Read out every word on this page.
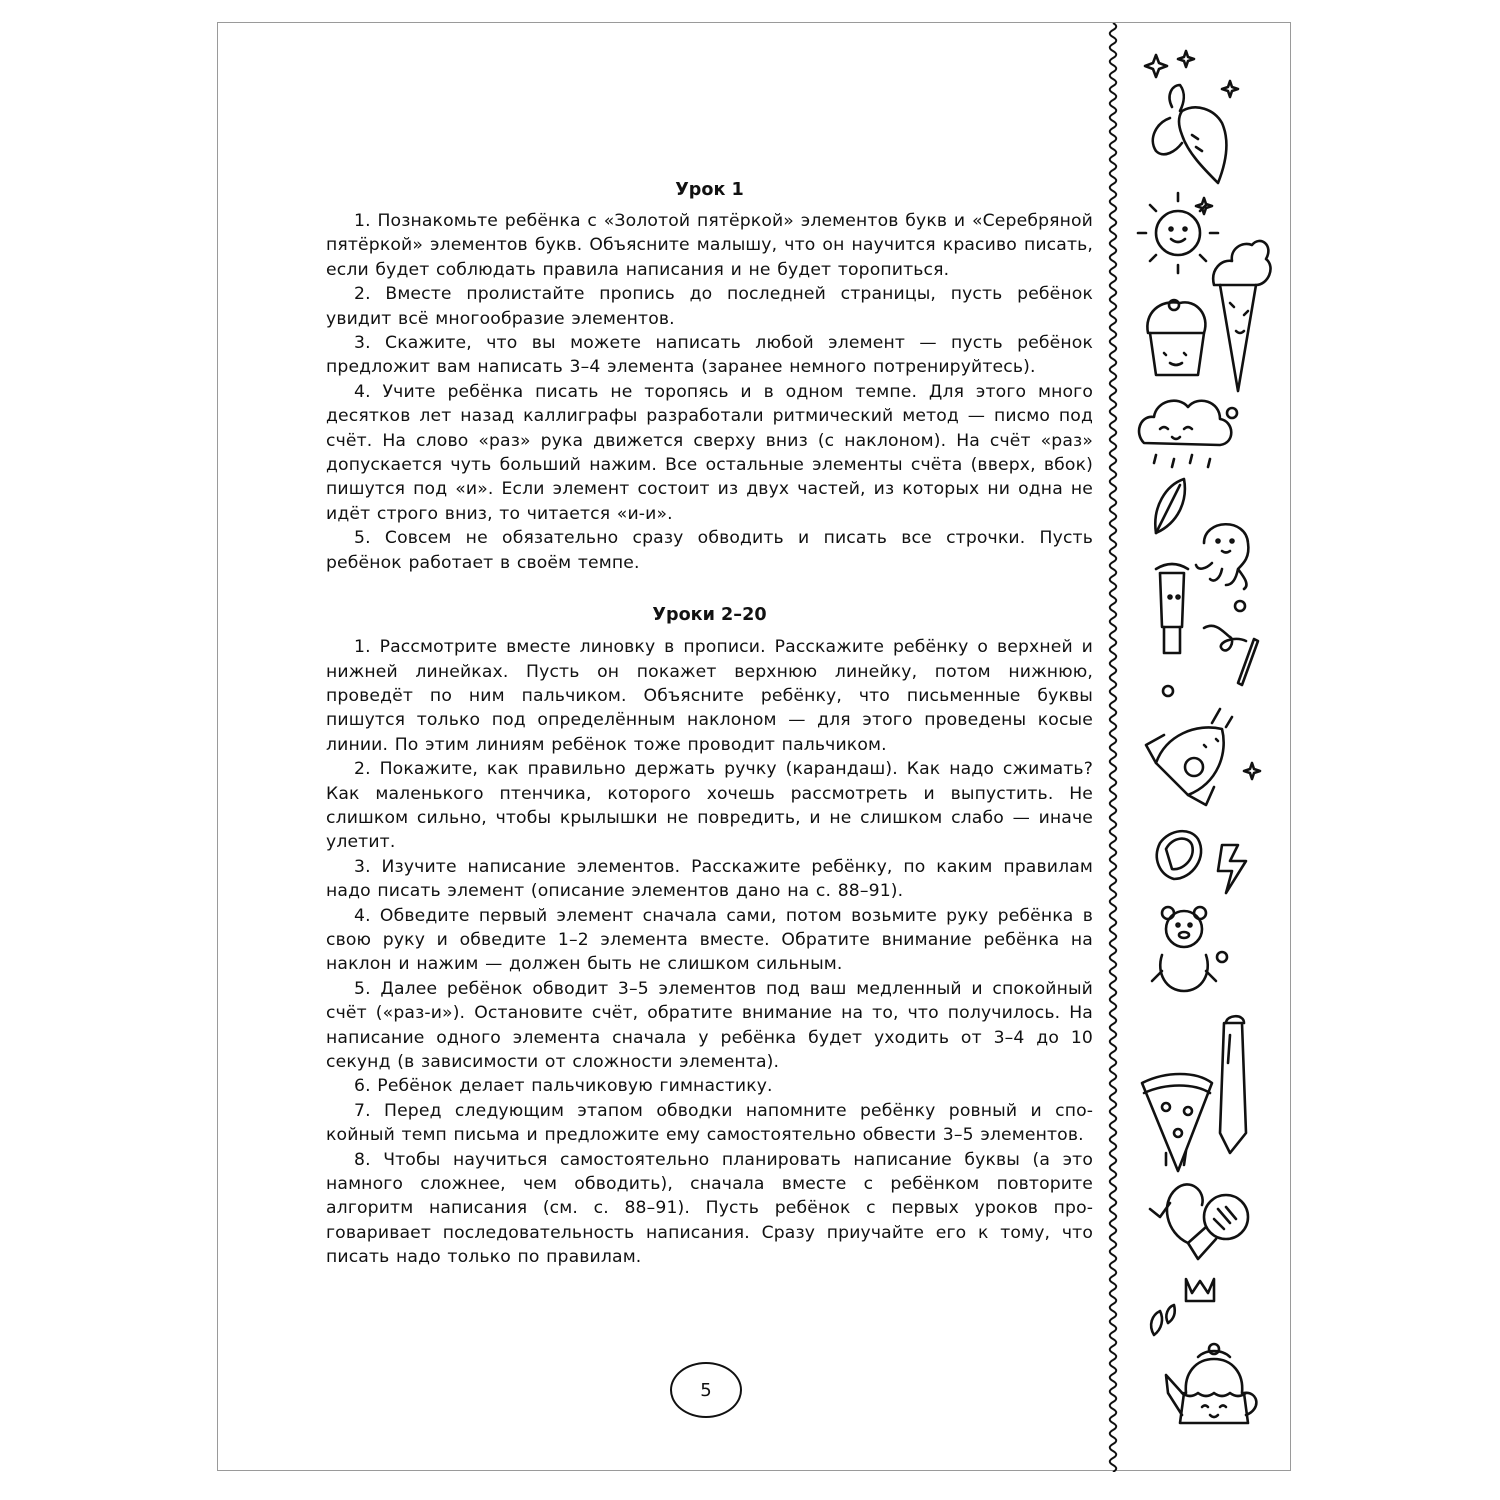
Урок 1

1. Познакомьте ребёнка с «Золотой пятёркой» элементов букв и «Серебряной пятёркой» элементов букв. Объясните малышу, что он научится красиво писать, если будет соблюдать правила написания и не будет торопиться.

2. Вместе пролистайте пропись до последней страницы, пусть ребёнок увидит всё многообразие элементов.

3. Скажите, что вы можете написать любой элемент — пусть ребёнок предложит вам написать 3–4 элемента (заранее немного потренируйтесь).

4. Учите ребёнка писать не торопясь и в одном темпе. Для этого много десятков лет назад каллиграфы разработали ритмический метод — писмо под счёт. На слово «раз» рука движется сверху вниз (с наклоном). На счёт «раз» допускается чуть больший нажим. Все остальные элементы счёта (вверх, вбок) пишутся под «и». Если элемент состоит из двух частей, из которых ни одна не идёт строго вниз, то читается «и-и».

5. Совсем не обязательно сразу обводить и писать все строчки. Пусть ребёнок работает в своём темпе.

Уроки 2–20

1. Рассмотрите вместе линовку в прописи. Расскажите ребёнку о верхней и нижней линейках. Пусть он покажет верхнюю линейку, потом нижнюю, проведёт по ним пальчиком. Объясните ребёнку, что письменные буквы пишутся только под определённым наклоном — для этого проведены косые линии. По этим линиям ребёнок тоже проводит пальчиком.

2. Покажите, как правильно держать ручку (карандаш). Как надо сжимать? Как маленького птенчика, которого хочешь рассмотреть и выпустить. Не слишком сильно, чтобы крылышки не повредить, и не слишком слабо — иначе улетит.

3. Изучите написание элементов. Расскажите ребёнку, по каким правилам надо писать элемент (описание элементов дано на с. 88–91).

4. Обведите первый элемент сначала сами, потом возьмите руку ребёнка в свою руку и обведите 1–2 элемента вместе. Обратите внимание ребёнка на наклон и нажим — должен быть не слишком сильным.

5. Далее ребёнок обводит 3–5 элементов под ваш медленный и спокойный счёт («раз-и»). Остановите счёт, обратите внимание на то, что получилось. На написание одного элемента сначала у ребёнка будет уходить от 3–4 до 10 секунд (в зависимости от сложности элемента).

6. Ребёнок делает пальчиковую гимнастику.

7. Перед следующим этапом обводки напомните ребёнку ровный и спокойный темп письма и предложите ему самостоятельно обвести 3–5 элементов.

8. Чтобы научиться самостоятельно планировать написание буквы (а это намного сложнее, чем обводить), сначала вместе с ребёнком повторите алгоритм написания (см. с. 88–91). Пусть ребёнок с первых уроков проговаривает последовательность написания. Сразу приучайте его к тому, что писать надо только по правилам.

5
